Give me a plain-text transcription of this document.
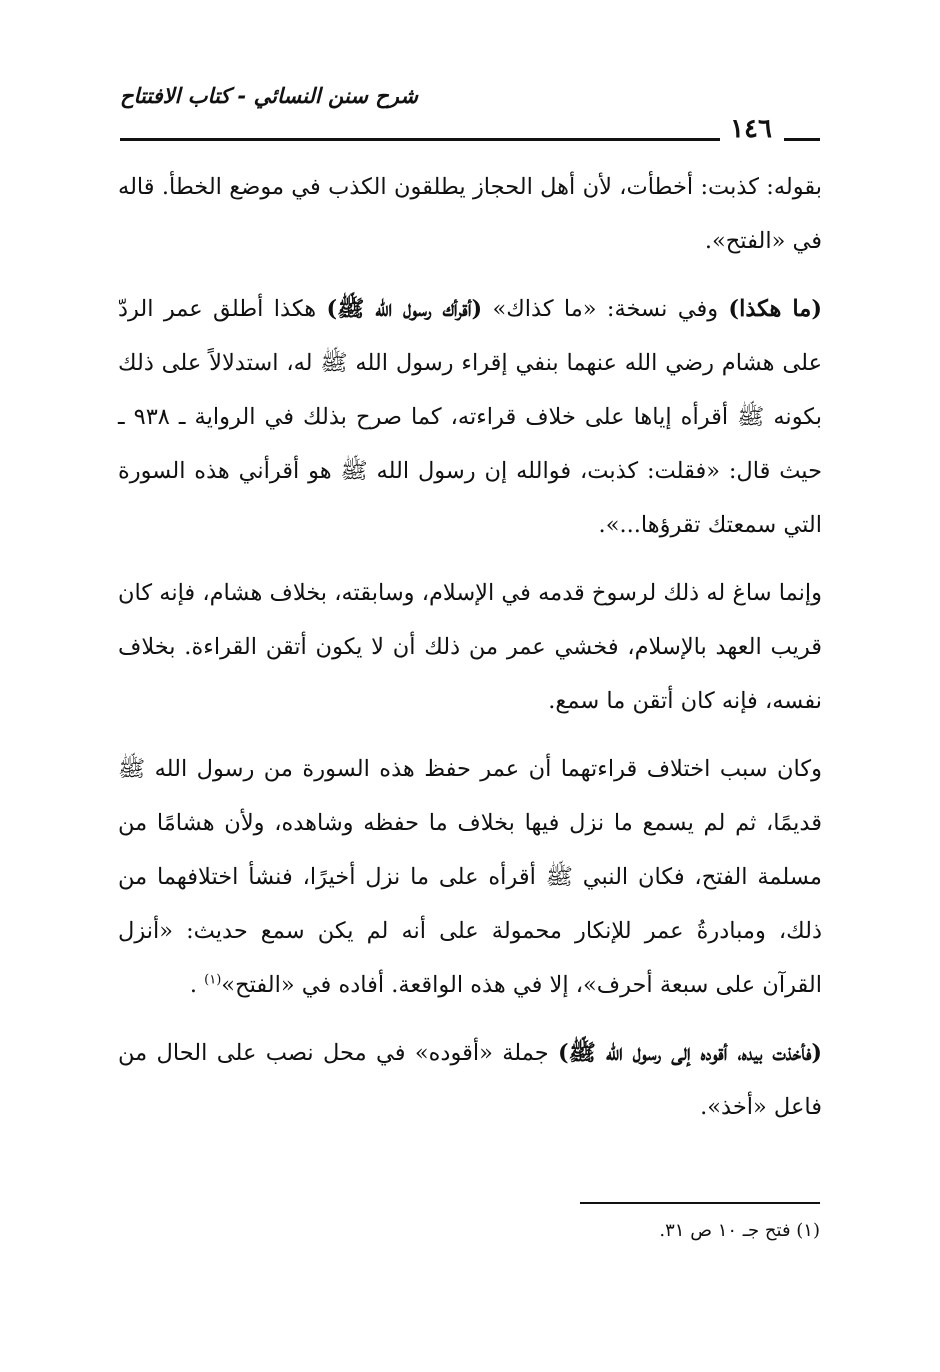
شرح سنن النسائي - كتاب الافتتاح
١٤٦

بقوله: كذبت: أخطأت، لأن أهل الحجاز يطلقون الكذب في موضع الخطأ. قاله في «الفتح».

(ما هكذا) وفي نسخة: «ما كذاك» (أقرأك رسول الله ﷺ) هكذا أطلق عمر الردّ على هشام رضي الله عنهما بنفي إقراء رسول الله ﷺ له، استدلالاً على ذلك بكونه ﷺ أقرأه إياها على خلاف قراءته، كما صرح بذلك في الرواية ـ ٩٣٨ ـ حيث قال: «فقلت: كذبت، فوالله إن رسول الله ﷺ هو أقرأني هذه السورة التي سمعتك تقرؤها...».

وإنما ساغ له ذلك لرسوخ قدمه في الإسلام، وسابقته، بخلاف هشام، فإنه كان قريب العهد بالإسلام، فخشي عمر من ذلك أن لا يكون أتقن القراءة. بخلاف نفسه، فإنه كان أتقن ما سمع.

وكان سبب اختلاف قراءتهما أن عمر حفظ هذه السورة من رسول الله ﷺ قديمًا، ثم لم يسمع ما نزل فيها بخلاف ما حفظه وشاهده، ولأن هشامًا من مسلمة الفتح، فكان النبي ﷺ أقرأه على ما نزل أخيرًا، فنشأ اختلافهما من ذلك، ومبادرةُ عمر للإنكار محمولة على أنه لم يكن سمع حديث: «أنزل القرآن على سبعة أحرف»، إلا في هذه الواقعة. أفاده في «الفتح»$^{(١)}$ .

(فأخذت بيده، أقوده إلى رسول الله ﷺ) جملة «أقوده» في محل نصب على الحال من فاعل «أخذ».

(١) فتح جـ ١٠ ص ٣١.
